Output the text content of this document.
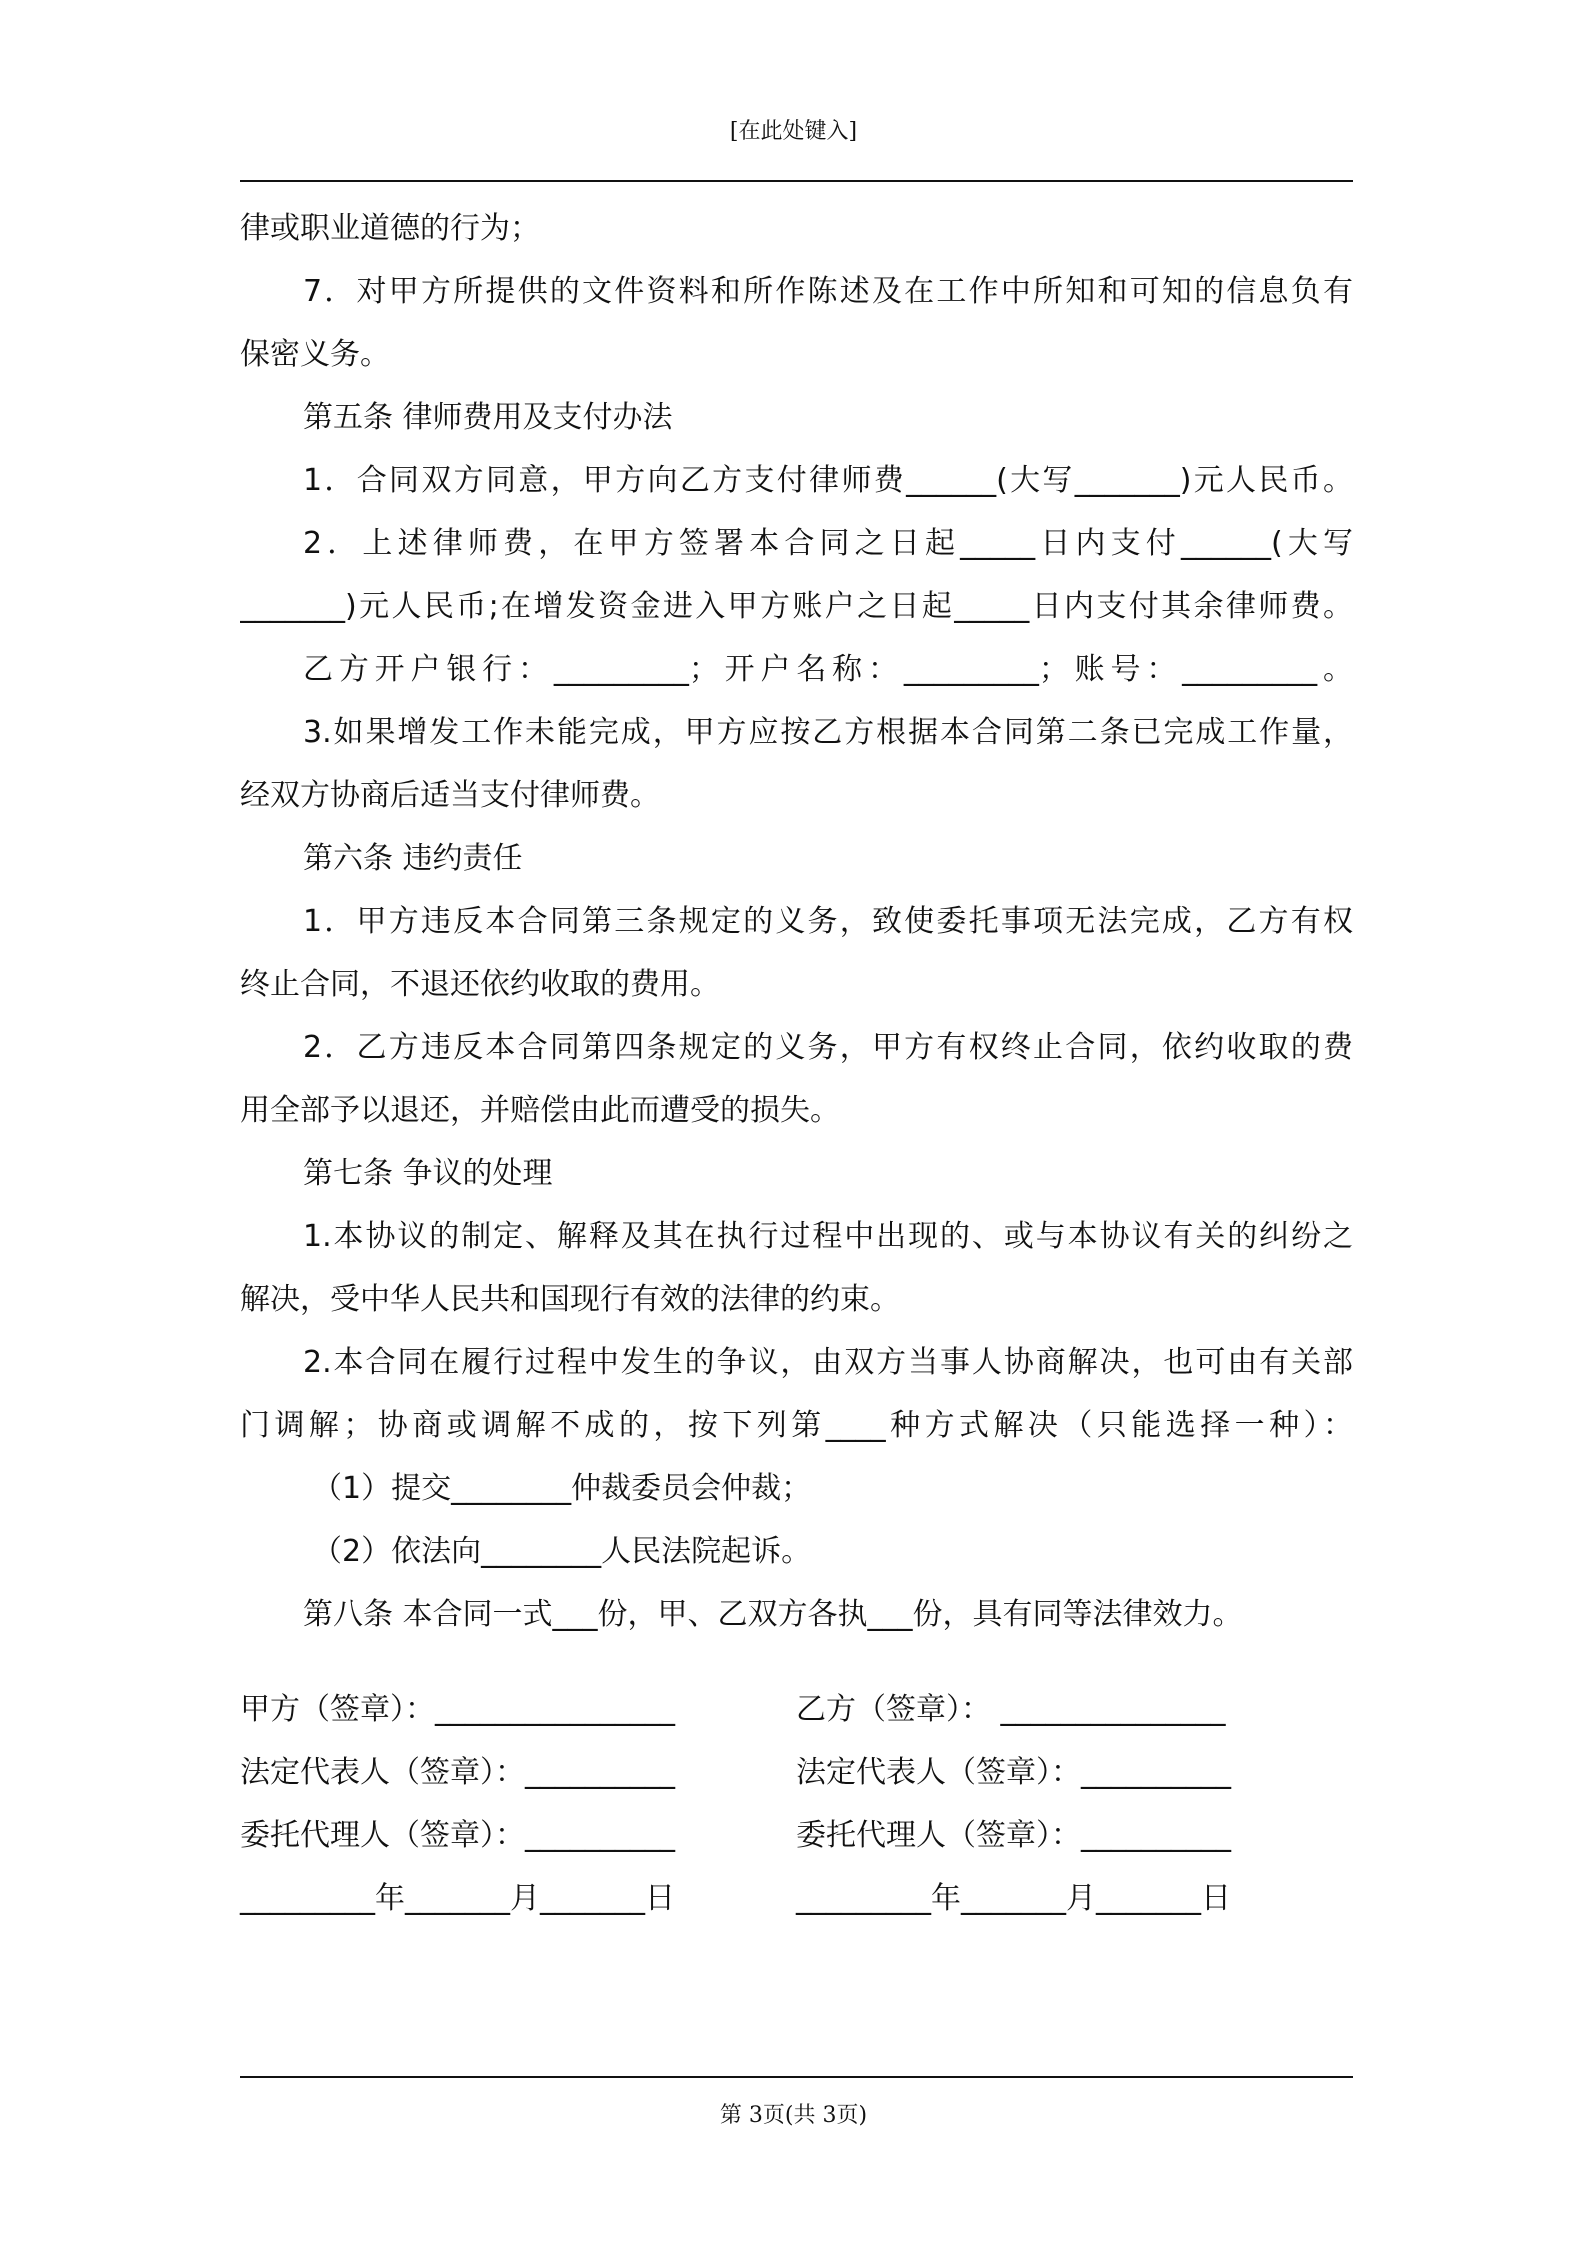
[在此处键入]
律或职业道德的行为；
7．对甲方所提供的文件资料和所作陈述及在工作中所知和可知的信息负有
保密义务。
第五条 律师费用及支付办法
1．合同双方同意，甲方向乙方支付律师费______(大写_______)元人民币。
2．上述律师费，在甲方签署本合同之日起_____日内支付______(大写
_______)元人民币;在增发资金进入甲方账户之日起_____日内支付其余律师费。
乙方开户银行：_________；开户名称：_________；账号：_________。
3.如果增发工作未能完成，甲方应按乙方根据本合同第二条已完成工作量，
经双方协商后适当支付律师费。
第六条 违约责任
1．甲方违反本合同第三条规定的义务，致使委托事项无法完成，乙方有权
终止合同，不退还依约收取的费用。
2．乙方违反本合同第四条规定的义务，甲方有权终止合同，依约收取的费
用全部予以退还，并赔偿由此而遭受的损失。
第七条 争议的处理
1.本协议的制定、解释及其在执行过程中出现的、或与本协议有关的纠纷之
解决，受中华人民共和国现行有效的法律的约束。
2.本合同在履行过程中发生的争议，由双方当事人协商解决，也可由有关部
门调解；协商或调解不成的，按下列第____种方式解决（只能选择一种）：
（1）提交________仲裁委员会仲裁；
（2）依法向________人民法院起诉。
第八条 本合同一式___份，甲、乙双方各执___份，具有同等法律效力。
甲方（签章）：________________	乙方（签章）： _______________
法定代表人（签章）：__________	法定代表人（签章）：__________
委托代理人（签章）：__________	委托代理人（签章）：__________
_________年_______月_______日	_________年_______月_______日
第 3页(共 3页)
